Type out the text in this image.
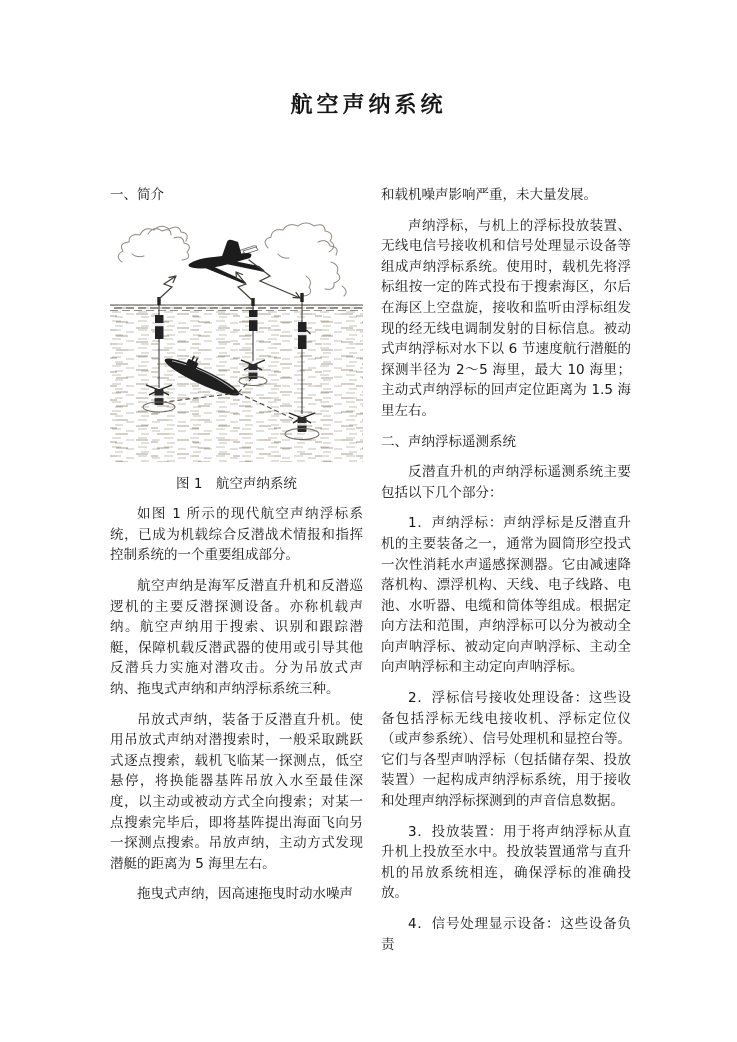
航空声纳系统

一、简介

图 1　航空声纳系统

如图 1 所示的现代航空声纳浮标系统，已成为机载综合反潜战术情报和指挥控制系统的一个重要组成部分。

航空声纳是海军反潜直升机和反潜巡逻机的主要反潜探测设备。亦称机载声纳。航空声纳用于搜索、识别和跟踪潜艇，保障机载反潜武器的使用或引导其他反潜兵力实施对潜攻击。分为吊放式声纳、拖曳式声纳和声纳浮标系统三种。

吊放式声纳，装备于反潜直升机。使用吊放式声纳对潜搜索时，一般采取跳跃式逐点搜索，载机飞临某一探测点，低空悬停，将换能器基阵吊放入水至最佳深度，以主动或被动方式全向搜索；对某一点搜索完毕后，即将基阵提出海面飞向另一探测点搜索。吊放声纳，主动方式发现潜艇的距离为 5 海里左右。

拖曳式声纳，因高速拖曳时动水噪声

和载机噪声影响严重，未大量发展。

声纳浮标，与机上的浮标投放装置、无线电信号接收机和信号处理显示设备等组成声纳浮标系统。使用时，载机先将浮标组按一定的阵式投布于搜索海区，尔后在海区上空盘旋，接收和监听由浮标组发现的经无线电调制发射的目标信息。被动式声纳浮标对水下以 6 节速度航行潜艇的探测半径为 2～5 海里，最大 10 海里；主动式声纳浮标的回声定位距离为 1.5 海里左右。

二、声纳浮标遥测系统

反潜直升机的声纳浮标遥测系统主要包括以下几个部分：

1．声纳浮标：声纳浮标是反潜直升机的主要装备之一，通常为圆筒形空投式一次性消耗水声遥感探测器。它由减速降落机构、漂浮机构、天线、电子线路、电池、水听器、电缆和筒体等组成。根据定向方法和范围，声纳浮标可以分为被动全向声呐浮标、被动定向声呐浮标、主动全向声呐浮标和主动定向声呐浮标。

2．浮标信号接收处理设备：这些设备包括浮标无线电接收机、浮标定位仪（或声参系统）、信号处理机和显控台等。它们与各型声呐浮标（包括储存架、投放装置）一起构成声纳浮标系统，用于接收和处理声纳浮标探测到的声音信息数据。

3．投放装置：用于将声纳浮标从直升机上投放至水中。投放装置通常与直升机的吊放系统相连，确保浮标的准确投放。

4．信号处理显示设备：这些设备负责
